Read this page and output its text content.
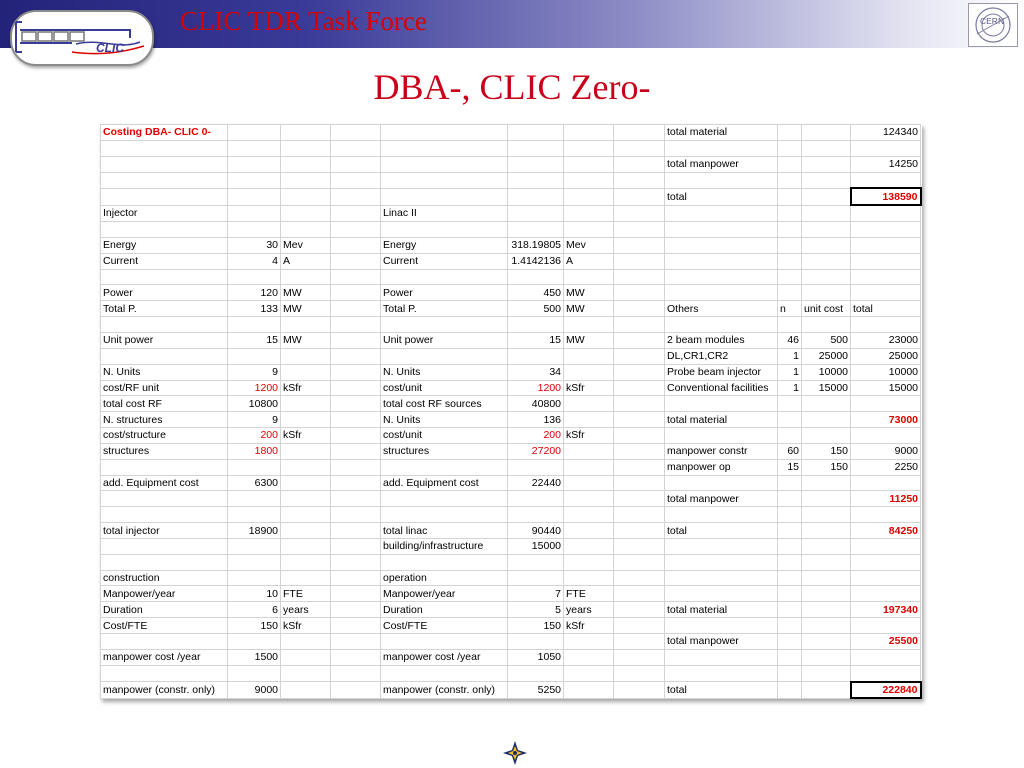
CLIC
CLIC TDR Task Force	CERN
DBA-, CLIC Zero-
Costing DBA- CLIC 0-								total material			124340

								total manpower			14250

								total			138590
Injector				Linac II							

Energy	30	Mev		Energy	318.19805	Mev					
Current	4	A		Current	1.4142136	A					

Power	120	MW		Power	450	MW					
Total P.	133	MW		Total P.	500	MW		Others	n	unit cost	total

Unit power	15	MW		Unit power	15	MW		2 beam modules	46	500	23000
								DL,CR1,CR2	1	25000	25000
N. Units	9			N. Units	34			Probe beam injector	1	10000	10000
cost/RF unit	1200	kSfr		cost/unit	1200	kSfr		Conventional facilities	1	15000	15000
total cost RF	10800			total cost RF sources	40800						
N. structures	9			N. Units	136			total material			73000
cost/structure	200	kSfr		cost/unit	200	kSfr					
structures	1800			structures	27200			manpower constr	60	150	9000
								manpower op	15	150	2250
add. Equipment cost	6300			add. Equipment cost	22440						
								total manpower			11250

total injector	18900			total linac	90440			total			84250
				building/infrastructure	15000						

construction				operation							
Manpower/year	10	FTE		Manpower/year	7	FTE					
Duration	6	years		Duration	5	years		total material			197340
Cost/FTE	150	kSfr		Cost/FTE	150	kSfr					
								total manpower			25500
manpower cost /year	1500			manpower cost /year	1050						

manpower (constr. only)	9000			manpower (constr. only)	5250			total			222840
